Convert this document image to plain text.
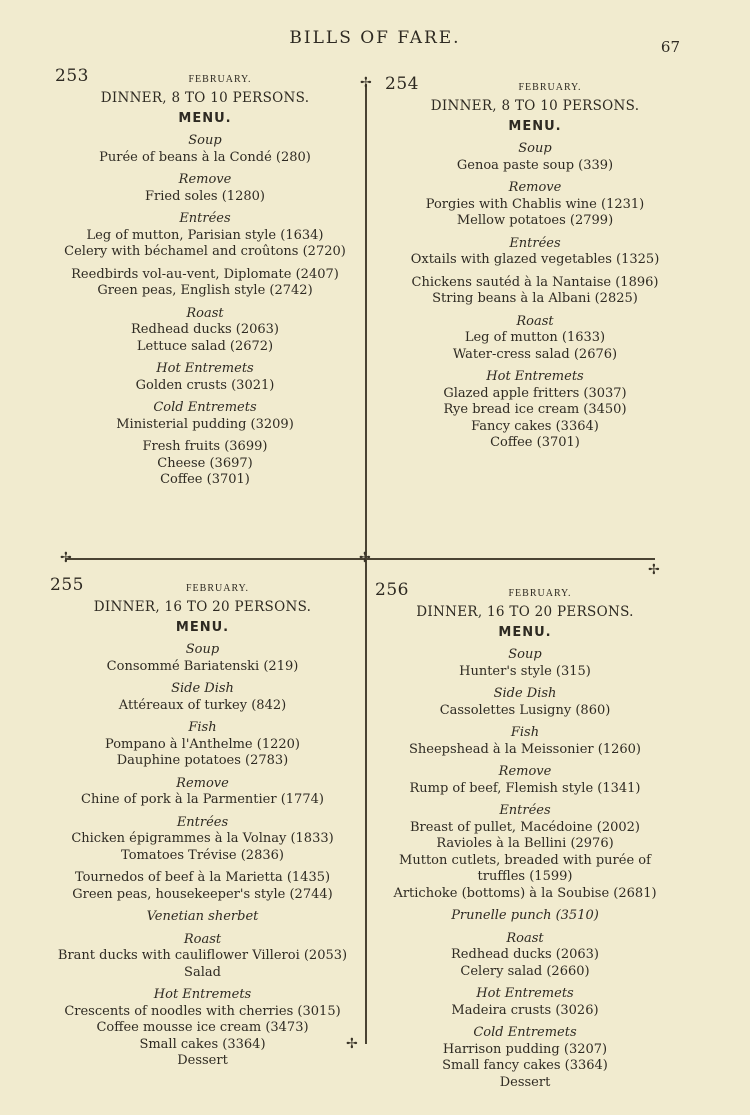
BILLS OF FARE.	67
✢
✢	✢
✢
✢
253	FEBRUARY.
DINNER, 8 TO 10 PERSONS.
MENU.
Soup
Purée of beans à la Condé (280)
Remove
Fried soles (1280)
Entrées
Leg of mutton, Parisian style (1634)
Celery with béchamel and croûtons (2720)
Reedbirds vol-au-vent, Diplomate (2407)
Green peas, English style (2742)
Roast
Redhead ducks (2063)
Lettuce salad (2672)
Hot Entremets
Golden crusts (3021)
Cold Entremets
Ministerial pudding (3209)
Fresh fruits (3699)
Cheese (3697)
Coffee (3701)
254	FEBRUARY.
DINNER, 8 TO 10 PERSONS.
MENU.
Soup
Genoa paste soup (339)
Remove
Porgies with Chablis wine (1231)
Mellow potatoes (2799)
Entrées
Oxtails with glazed vegetables (1325)
Chickens sautéd à la Nantaise (1896)
String beans à la Albani (2825)
Roast
Leg of mutton (1633)
Water-cress salad (2676)
Hot Entremets
Glazed apple fritters (3037)
Rye bread ice cream (3450)
Fancy cakes (3364)
Coffee (3701)
255	FEBRUARY.
DINNER, 16 TO 20 PERSONS.
MENU.
Soup
Consommé Bariatenski (219)
Side Dish
Attéreaux of turkey (842)
Fish
Pompano à l'Anthelme (1220)
Dauphine potatoes (2783)
Remove
Chine of pork à la Parmentier (1774)
Entrées
Chicken épigrammes à la Volnay (1833)
Tomatoes Trévise (2836)
Tournedos of beef à la Marietta (1435)
Green peas, housekeeper's style (2744)
Venetian sherbet
Roast
Brant ducks with cauliflower Villeroi (2053)
Salad
Hot Entremets
Crescents of noodles with cherries (3015)
Coffee mousse ice cream (3473)
Small cakes (3364)
Dessert
256	FEBRUARY.
DINNER, 16 TO 20 PERSONS.
MENU.
Soup
Hunter's style (315)
Side Dish
Cassolettes Lusigny (860)
Fish
Sheepshead à la Meissonier (1260)
Remove
Rump of beef, Flemish style (1341)
Entrées
Breast of pullet, Macédoine (2002)
Ravioles à la Bellini (2976)
Mutton cutlets, breaded with purée of truffles (1599)
Artichoke (bottoms) à la Soubise (2681)
Prunelle punch (3510)
Roast
Redhead ducks (2063)
Celery salad (2660)
Hot Entremets
Madeira crusts (3026)
Cold Entremets
Harrison pudding (3207)
Small fancy cakes (3364)
Dessert
